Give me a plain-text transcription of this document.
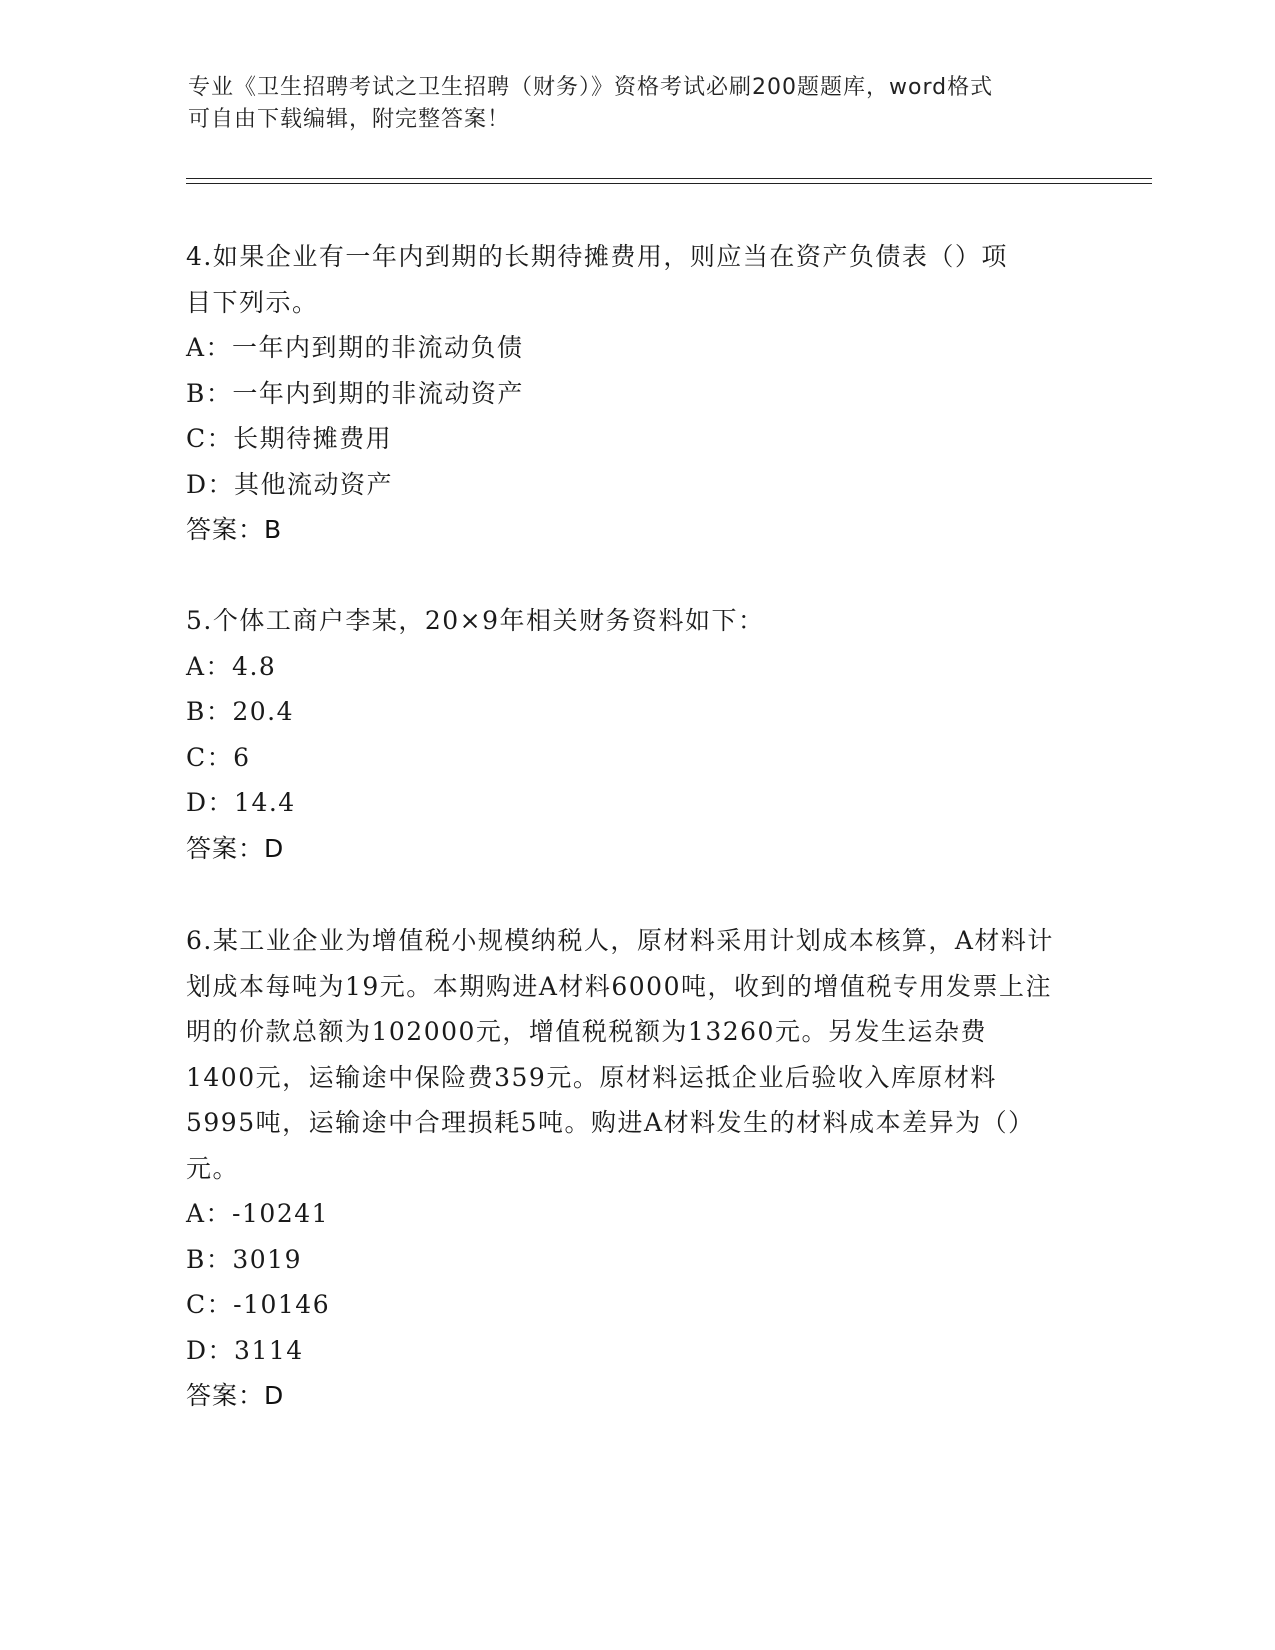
专业《卫生招聘考试之卫生招聘（财务）》资格考试必刷200题题库，word格式
可自由下载编辑，附完整答案！
4.如果企业有一年内到期的长期待摊费用，则应当在资产负债表（）项目下列示。
A：一年内到期的非流动负债
B：一年内到期的非流动资产
C：长期待摊费用
D：其他流动资产
答案：B
5.个体工商户李某，20×9年相关财务资料如下：
A：4.8
B：20.4
C：6
D：14.4
答案：D
6.某工业企业为增值税小规模纳税人，原材料采用计划成本核算，A材料计划成本每吨为19元。本期购进A材料6000吨，收到的增值税专用发票上注明的价款总额为102000元，增值税税额为13260元。另发生运杂费1400元，运输途中保险费359元。原材料运抵企业后验收入库原材料5995吨，运输途中合理损耗5吨。购进A材料发生的材料成本差异为（）元。
A：-10241
B：3019
C：-10146
D：3114
答案：D
